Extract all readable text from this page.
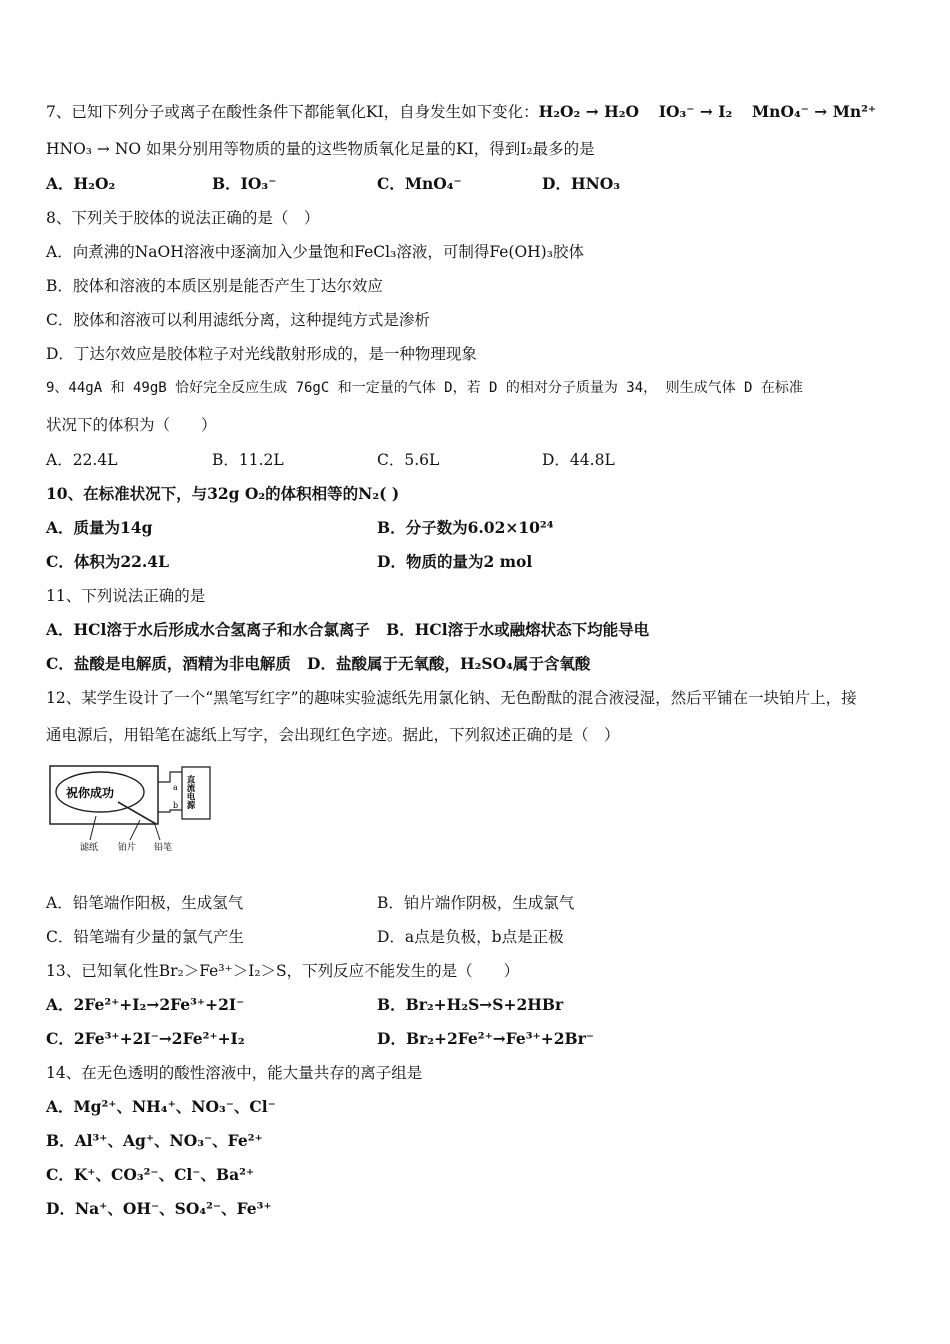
7、已知下列分子或离子在酸性条件下都能氧化KI，自身发生如下变化：H₂O₂ → H₂O IO₃⁻ → I₂ MnO₄⁻ → Mn²⁺
HNO₃ → NO 如果分别用等物质的量的这些物质氧化足量的KI，得到I₂最多的是
A．H₂O₂	B．IO₃⁻	C．MnO₄⁻	D．HNO₃
8、下列关于胶体的说法正确的是（　）
A．向煮沸的NaOH溶液中逐滴加入少量饱和FeCl₃溶液，可制得Fe(OH)₃胶体
B．胶体和溶液的本质区别是能否产生丁达尔效应
C．胶体和溶液可以利用滤纸分离，这种提纯方式是渗析
D．丁达尔效应是胶体粒子对光线散射形成的，是一种物理现象
9、44gA 和 49gB 恰好完全反应生成 76gC 和一定量的气体 D，若 D 的相对分子质量为 34， 则生成气体 D 在标准
状况下的体积为（　　）
A．22.4L	B．11.2L	C．5.6L	D．44.8L
10、在标准状况下，与32g O₂的体积相等的N₂( )
A．质量为14g	B．分子数为6.02×10²⁴
C．体积为22.4L	D．物质的量为2 mol
11、下列说法正确的是
A．HCl溶于水后形成水合氢离子和水合氯离子 B．HCl溶于水或融熔状态下均能导电
C．盐酸是电解质，酒精为非电解质 D．盐酸属于无氧酸，H₂SO₄属于含氧酸
12、某学生设计了一个“黑笔写红字”的趣味实验滤纸先用氯化钠、无色酚酞的混合液浸湿，然后平铺在一块铂片上，接
通电源后，用铅笔在滤纸上写字，会出现红色字迹。据此，下列叙述正确的是（　）
祝你成功	a
b 直流电源
滤纸 铂片 铅笔
A．铅笔端作阳极，生成氢气	B．铂片端作阴极，生成氯气
C．铅笔端有少量的氯气产生	D．a点是负极，b点是正极
13、已知氧化性Br₂＞Fe³⁺＞I₂＞S，下列反应不能发生的是（　　）
A．2Fe²⁺+I₂→2Fe³⁺+2I⁻	B．Br₂+H₂S→S+2HBr
C．2Fe³⁺+2I⁻→2Fe²⁺+I₂	D．Br₂+2Fe²⁺→Fe³⁺+2Br⁻
14、在无色透明的酸性溶液中，能大量共存的离子组是
A．Mg²⁺、NH₄⁺、NO₃⁻、Cl⁻
B．Al³⁺、Ag⁺、NO₃⁻、Fe²⁺
C．K⁺、CO₃²⁻、Cl⁻、Ba²⁺
D．Na⁺、OH⁻、SO₄²⁻、Fe³⁺
